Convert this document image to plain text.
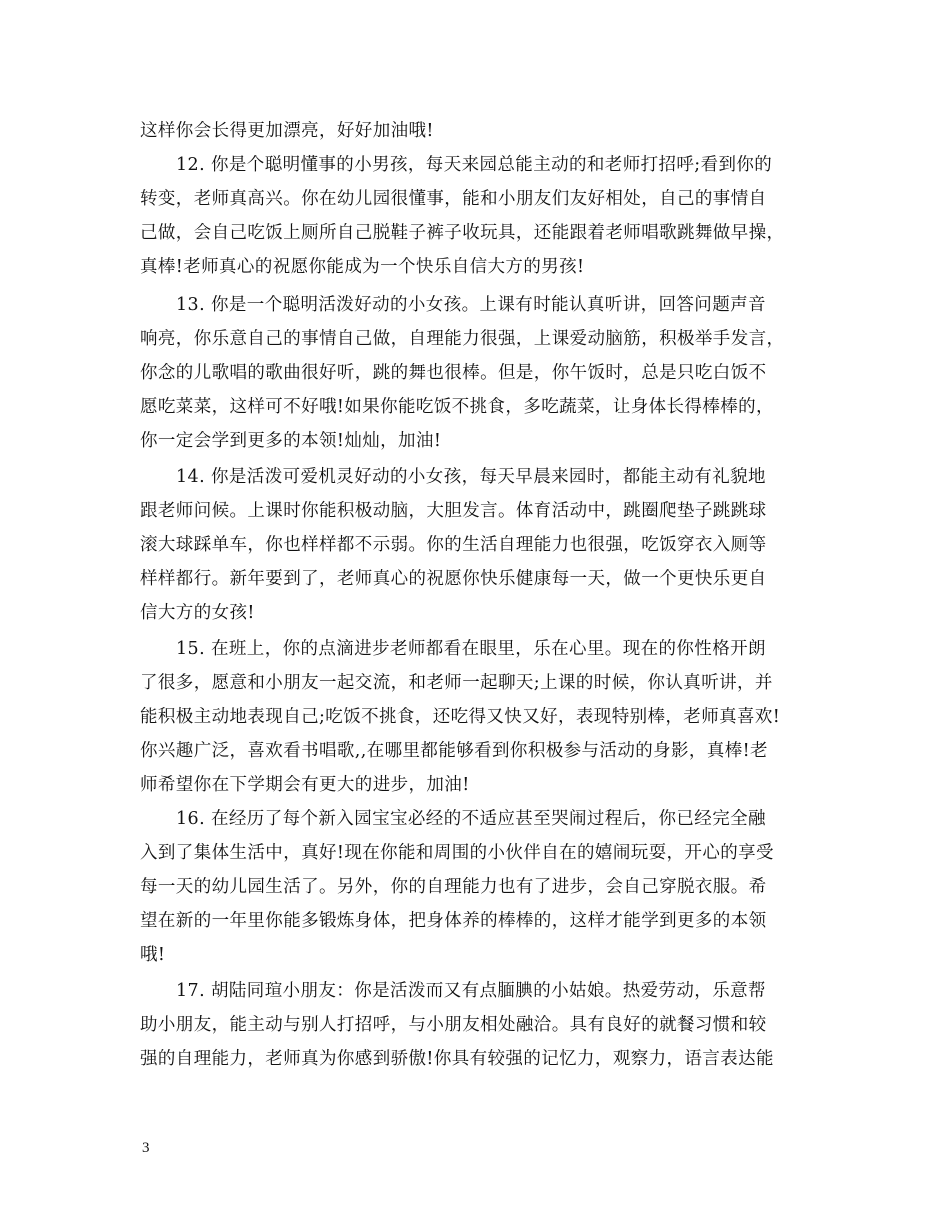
这样你会长得更加漂亮，好好加油哦!
12. 你是个聪明懂事的小男孩，每天来园总能主动的和老师打招呼;看到你的
转变，老师真高兴。你在幼儿园很懂事，能和小朋友们友好相处，自己的事情自
己做，会自己吃饭上厕所自己脱鞋子裤子收玩具，还能跟着老师唱歌跳舞做早操，
真棒!老师真心的祝愿你能成为一个快乐自信大方的男孩!
13. 你是一个聪明活泼好动的小女孩。上课有时能认真听讲，回答问题声音
响亮，你乐意自己的事情自己做，自理能力很强，上课爱动脑筋，积极举手发言，
你念的儿歌唱的歌曲很好听，跳的舞也很棒。但是，你午饭时，总是只吃白饭不
愿吃菜菜，这样可不好哦!如果你能吃饭不挑食，多吃蔬菜，让身体长得棒棒的，
你一定会学到更多的本领!灿灿，加油!
14. 你是活泼可爱机灵好动的小女孩，每天早晨来园时，都能主动有礼貌地
跟老师问候。上课时你能积极动脑，大胆发言。体育活动中，跳圈爬垫子跳跳球
滚大球踩单车，你也样样都不示弱。你的生活自理能力也很强，吃饭穿衣入厕等
样样都行。新年要到了，老师真心的祝愿你快乐健康每一天，做一个更快乐更自
信大方的女孩!
15. 在班上，你的点滴进步老师都看在眼里，乐在心里。现在的你性格开朗
了很多，愿意和小朋友一起交流，和老师一起聊天;上课的时候，你认真听讲，并
能积极主动地表现自己;吃饭不挑食，还吃得又快又好，表现特别棒，老师真喜欢!
你兴趣广泛，喜欢看书唱歌,,在哪里都能够看到你积极参与活动的身影，真棒!老
师希望你在下学期会有更大的进步，加油!
16. 在经历了每个新入园宝宝必经的不适应甚至哭闹过程后，你已经完全融
入到了集体生活中，真好!现在你能和周围的小伙伴自在的嬉闹玩耍，开心的享受
每一天的幼儿园生活了。另外，你的自理能力也有了进步，会自己穿脱衣服。希
望在新的一年里你能多锻炼身体，把身体养的棒棒的，这样才能学到更多的本领
哦!
17. 胡陆同瑄小朋友：你是活泼而又有点腼腆的小姑娘。热爱劳动，乐意帮
助小朋友，能主动与别人打招呼，与小朋友相处融洽。具有良好的就餐习惯和较
强的自理能力，老师真为你感到骄傲!你具有较强的记忆力，观察力，语言表达能
3
